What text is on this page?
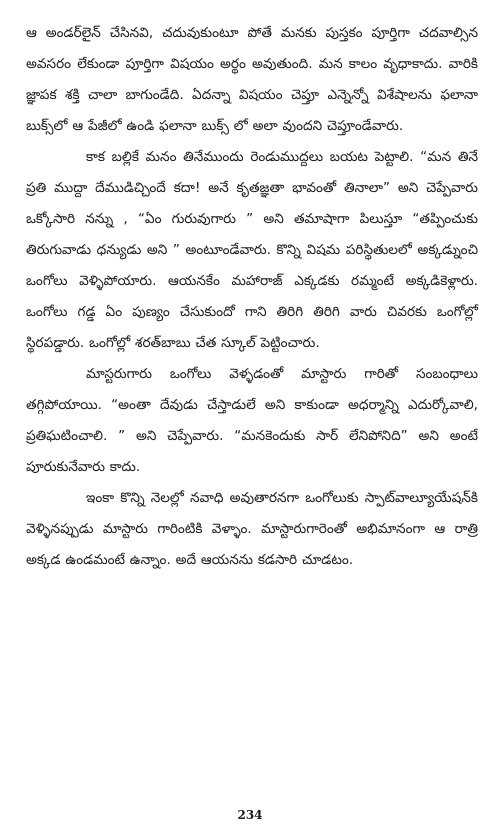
ఆ అండర్‌లైన్ చేసినవి, చదువుకుంటూ పోతే మనకు పుస్తకం పూర్తిగా చదవాల్సిన అవసరం లేకుండా పూర్తిగా విషయం అర్థం అవుతుంది. మన కాలం వృధాకాదు. వారికి జ్ఞాపక శక్తి చాలా బాగుండేది. ఏదన్నా విషయం చెప్తూ ఎన్నెన్నో విశేషాలను ఫలానా బుక్స్‌లో ఆ పేజీలో ఉండి ఫలానా బుక్స్ లో అలా వుందని చెప్తూండేవారు.

కాక బల్లికే మనం తినేముందు రెండుముద్దలు బయట పెట్టాలి. “మన తినే ప్రతి ముద్దా దేముడిచ్చిందే కదా! అనే కృతజ్ఞతా భావంతో తినాలా” అని చెప్పేవారు ఒక్కోసారి నన్ను , “ఏం గురువుగారు ” అని తమాషాగా పిలుస్తూ “తప్పించుకు తిరుగువాడు ధన్యుడు అని ” అంటూండేవారు. కొన్ని విషమ పరిస్థితులలో అక్కడ్నుంచి ఒంగోలు వెళ్ళిపోయారు. ఆయనకేం మహారాజ్ ఎక్కడకు రమ్మంటే అక్కడికెళ్లారు. ఒంగోలు గడ్డ ఏం పుణ్యం చేసుకుందో గాని తిరిగి తిరిగి వారు చివరకు ఒంగోల్లో స్థిరపడ్డారు. ఒంగోల్లో శరత్‌బాబు చేత స్కూల్ పెట్టించారు.

మాస్టరుగారు ఒంగోలు వెళ్ళడంతో మాస్టారు గారితో సంబంధాలు తగ్గిపోయాయి. “అంతా దేవుడు చేస్తాడులే అని కాకుండా అధర్మాన్ని ఎదుర్కోవాలి, ప్రతిఘటించాలి. ” అని చెప్పేవారు. “మనకెందుకు సార్ లేనిపోనిది” అని అంటే పూరుకునేవారు కాదు.

ఇంకా కొన్ని నెలల్లో నవాధి అవుతారనగా ఒంగోలుకు స్పాట్‌వాల్యూయేషన్‌కి వెళ్ళినప్పుడు మాస్టారు గారింటికి వెళ్ళాం. మాస్టారుగారెంతో అభిమానంగా ఆ రాత్రి అక్కడ ఉండమంటే ఉన్నాం. అదే ఆయనను కడసారి చూడటం.

234
